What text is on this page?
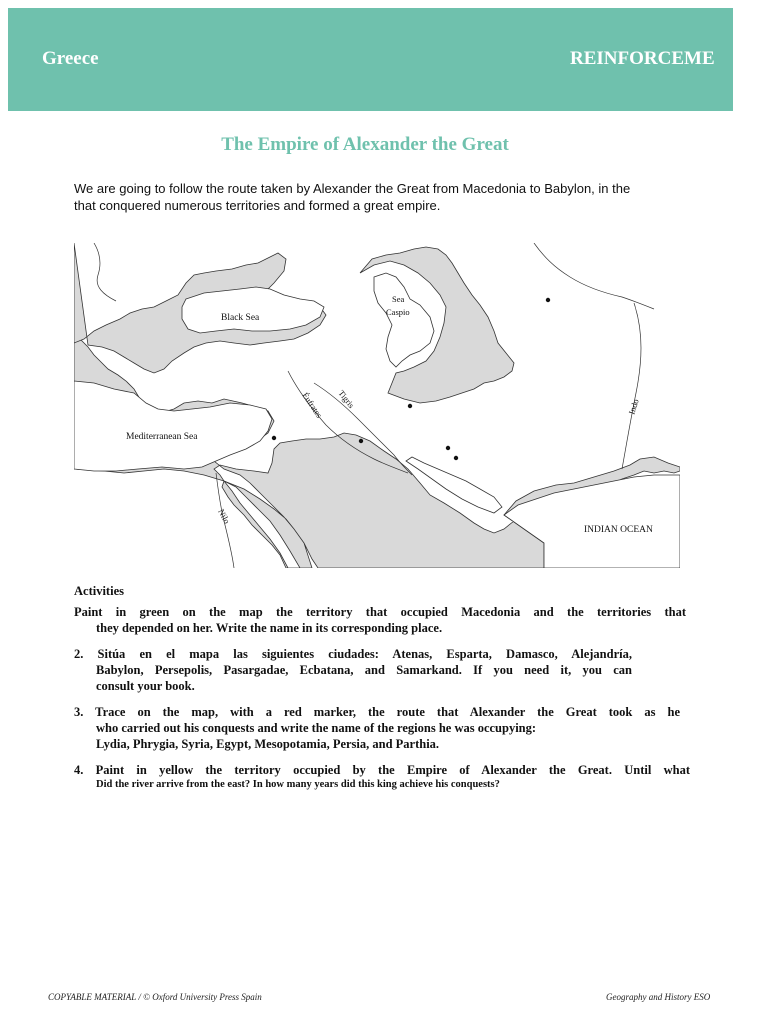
Greece	REINFORCEME
The Empire of Alexander the Great
We are going to follow the route taken by Alexander the Great from Macedonia to Babylon, in the
that conquered numerous territories and formed a great empire.
Black Sea
Sea
Caspio
Mediterranean Sea
Tigris
Éufrates	Indo
Nilo
INDIAN OCEAN
Activities
Paint in green on the map the territory that occupied Macedonia and the territories that
they depended on her. Write the name in its corresponding place.
2. Sitúa en el mapa las siguientes ciudades: Atenas, Esparta, Damasco, Alejandría,
Babylon, Persepolis, Pasargadae, Ecbatana, and Samarkand. If you need it, you can
consult your book.
3. Trace on the map, with a red marker, the route that Alexander the Great took as he
who carried out his conquests and write the name of the regions he was occupying:
Lydia, Phrygia, Syria, Egypt, Mesopotamia, Persia, and Parthia.
4. Paint in yellow the territory occupied by the Empire of Alexander the Great. Until what
Did the river arrive from the east? In how many years did this king achieve his conquests?
COPYABLE MATERIAL / © Oxford University Press Spain	Geography and History ESO
